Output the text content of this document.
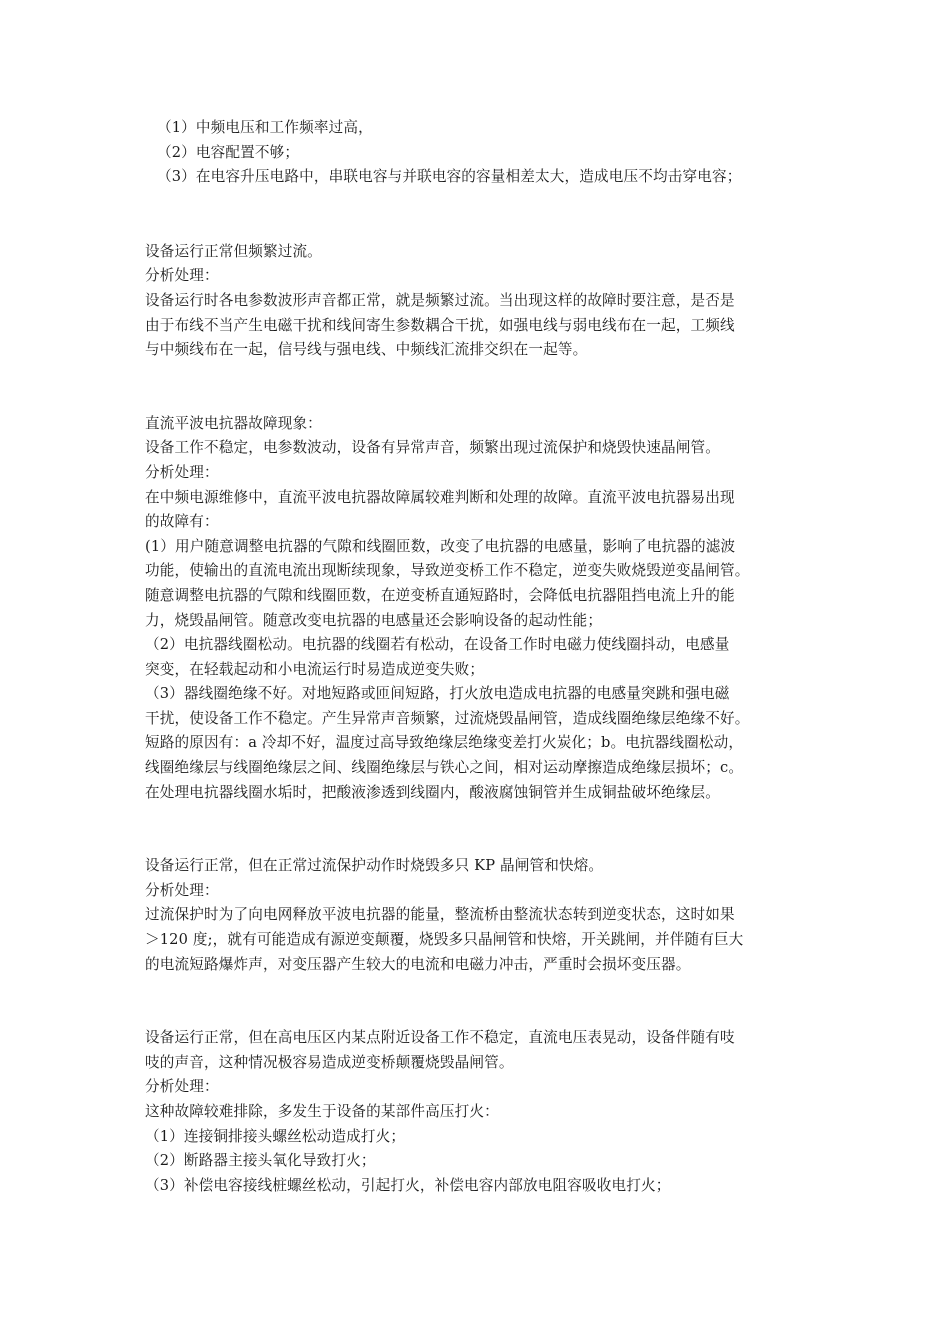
（1）中频电压和工作频率过高，
（2）电容配置不够；
（3）在电容升压电路中，串联电容与并联电容的容量相差太大，造成电压不均击穿电容；
设备运行正常但频繁过流。
分析处理：
设备运行时各电参数波形声音都正常，就是频繁过流。当出现这样的故障时要注意，是否是
由于布线不当产生电磁干扰和线间寄生参数耦合干扰，如强电线与弱电线布在一起，工频线
与中频线布在一起，信号线与强电线、中频线汇流排交织在一起等。
直流平波电抗器故障现象：
设备工作不稳定，电参数波动，设备有异常声音，频繁出现过流保护和烧毁快速晶闸管。
分析处理：
在中频电源维修中，直流平波电抗器故障属较难判断和处理的故障。直流平波电抗器易出现
的故障有：
(1）用户随意调整电抗器的气隙和线圈匝数，改变了电抗器的电感量，影响了电抗器的滤波
功能，使输出的直流电流出现断续现象，导致逆变桥工作不稳定，逆变失败烧毁逆变晶闸管。
随意调整电抗器的气隙和线圈匝数，在逆变桥直通短路时，会降低电抗器阻挡电流上升的能
力，烧毁晶闸管。随意改变电抗器的电感量还会影响设备的起动性能；
（2）电抗器线圈松动。电抗器的线圈若有松动，在设备工作时电磁力使线圈抖动，电感量
突变，在轻载起动和小电流运行时易造成逆变失败；
（3）器线圈绝缘不好。对地短路或匝间短路，打火放电造成电抗器的电感量突跳和强电磁
干扰，使设备工作不稳定。产生异常声音频繁，过流烧毁晶闸管，造成线圈绝缘层绝缘不好。
短路的原因有：a 冷却不好，温度过高导致绝缘层绝缘变差打火炭化；b。电抗器线圈松动，
线圈绝缘层与线圈绝缘层之间、线圈绝缘层与铁心之间，相对运动摩擦造成绝缘层损坏；c。
在处理电抗器线圈水垢时，把酸液渗透到线圈内，酸液腐蚀铜管并生成铜盐破坏绝缘层。
设备运行正常，但在正常过流保护动作时烧毁多只 KP 晶闸管和快熔。
分析处理：
过流保护时为了向电网释放平波电抗器的能量，整流桥由整流状态转到逆变状态，这时如果
＞120 度;，就有可能造成有源逆变颠覆，烧毁多只晶闸管和快熔，开关跳闸，并伴随有巨大
的电流短路爆炸声，对变压器产生较大的电流和电磁力冲击，严重时会损坏变压器。
设备运行正常，但在高电压区内某点附近设备工作不稳定，直流电压表晃动，设备伴随有吱
吱的声音，这种情况极容易造成逆变桥颠覆烧毁晶闸管。
分析处理：
这种故障较难排除，多发生于设备的某部件高压打火：
（1）连接铜排接头螺丝松动造成打火；
（2）断路器主接头氧化导致打火；
（3）补偿电容接线桩螺丝松动，引起打火，补偿电容内部放电阻容吸收电打火；
